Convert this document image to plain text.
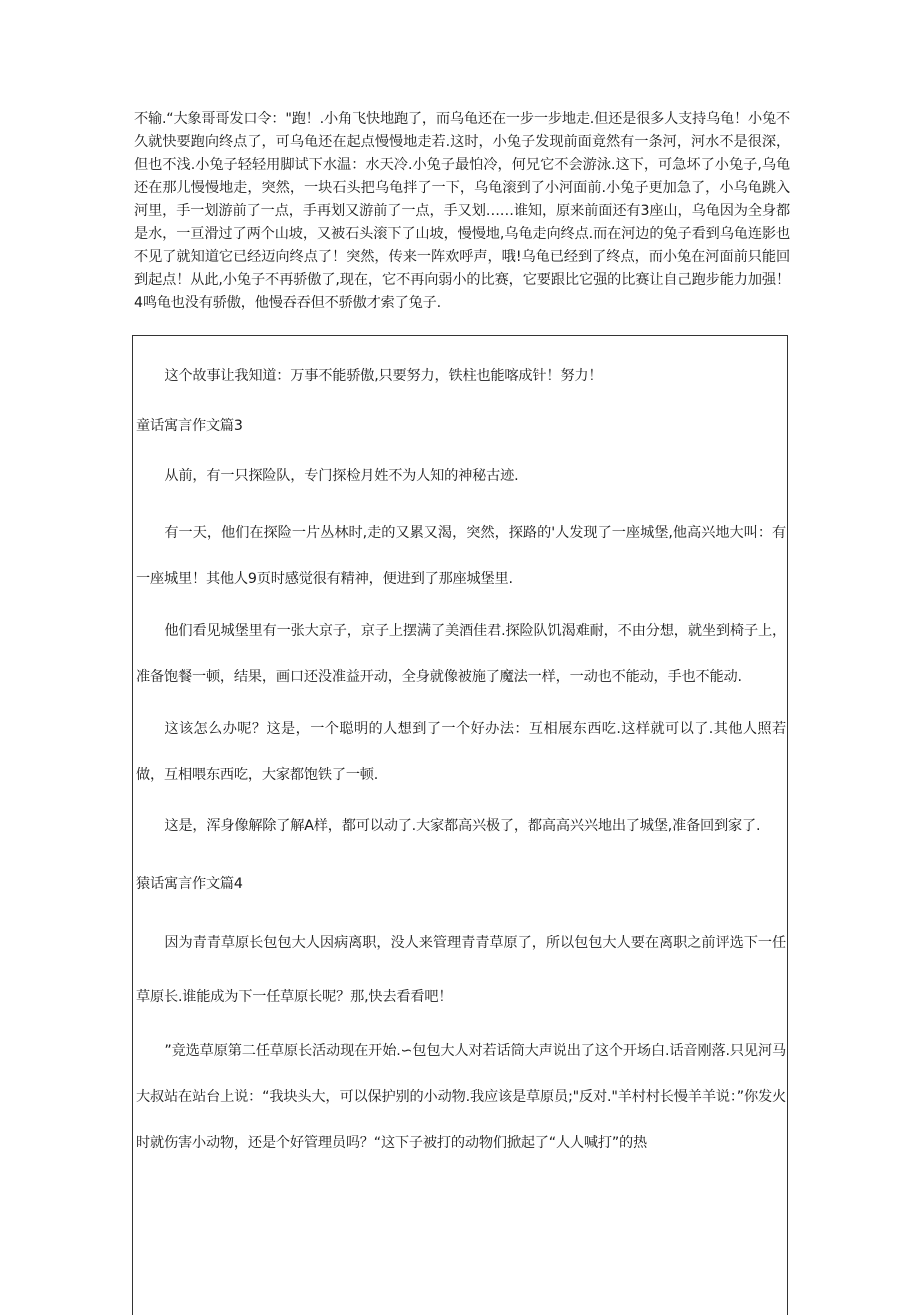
不输.“大象哥哥发口令："跑！.小角飞快地跑了，而乌龟还在一步一步地走.但还是很多人支持乌龟！小兔不久就快要跑向终点了，可乌龟还在起点慢慢地走若.这时，小兔子发现前面竟然有一条河，河水不是很深，但也不浅.小兔子轻轻用脚试下水温：水天冷.小兔子最怕冷，何兄它不会游泳.这下，可急坏了小兔子,乌龟还在那儿慢慢地走，突然，一块石头把乌龟拌了一下，乌龟滚到了小河面前.小兔子更加急了，小乌龟跳入河里，手一划游前了一点，手再划又游前了一点，手又划……谁知，原来前面还有3座山，乌龟因为全身都是水，一亘滑过了两个山坡，又被石头滚下了山坡，慢慢地,乌龟走向终点.而在河边的兔子看到乌龟连影也不见了就知道它已经迈向终点了！突然，传来一阵欢呼声，哦!乌龟已经到了终点，而小兔在河面前只能回到起点！从此,小兔子不再骄傲了,现在，它不再向弱小的比赛，它要跟比它强的比赛让自己跑步能力加强！ 4鸣龟也没有骄傲，他慢吞吞但不骄傲才索了兔子.

这个故事让我知道：万事不能骄傲,只要努力，铁柱也能喀成针！努力！

童话寓言作文篇3

从前，有一只探险队，专门探检月姓不为人知的神秘古迹.

有一天，他们在探险一片丛林时,走的又累又渴，突然，探路的'人发现了一座城堡,他高兴地大叫：有一座城里！其他人9页时感觉很有精神，便进到了那座城堡里.

他们看见城堡里有一张大京子，京子上摆满了美酒佳君.探险队饥渴难耐，不由分想，就坐到椅子上，准备饱餐一顿，结果，画口还没准益开动，全身就像被施了魔法一样，一动也不能动，手也不能动.

这该怎么办呢？这是，一个聪明的人想到了一个好办法：互相展东西吃.这样就可以了.其他人照若做，互相喂东西吃，大家都饱铁了一顿.

这是，浑身像解除了解A样，都可以动了.大家都高兴极了，都高高兴兴地出了城堡,准备回到家了.

猿话寓言作文篇4

因为青青草原长包包大人因病离职，没人来管理青青草原了，所以包包大人要在离职之前评选下一任草原长.谁能成为下一任草原长呢？那,快去看看吧！

”竞选草原第二任草原长活动现在开始.∽包包大人对若话筒大声说出了这个开场白.话音刚落.只见河马大叔站在站台上说：“我块头大，可以保护别的小动物.我应该是草原员;"反对."羊村村长慢羊羊说：”你发火时就伤害小动物，还是个好管理员吗？“这下子被打的动物们掀起了“人人喊打”的热
